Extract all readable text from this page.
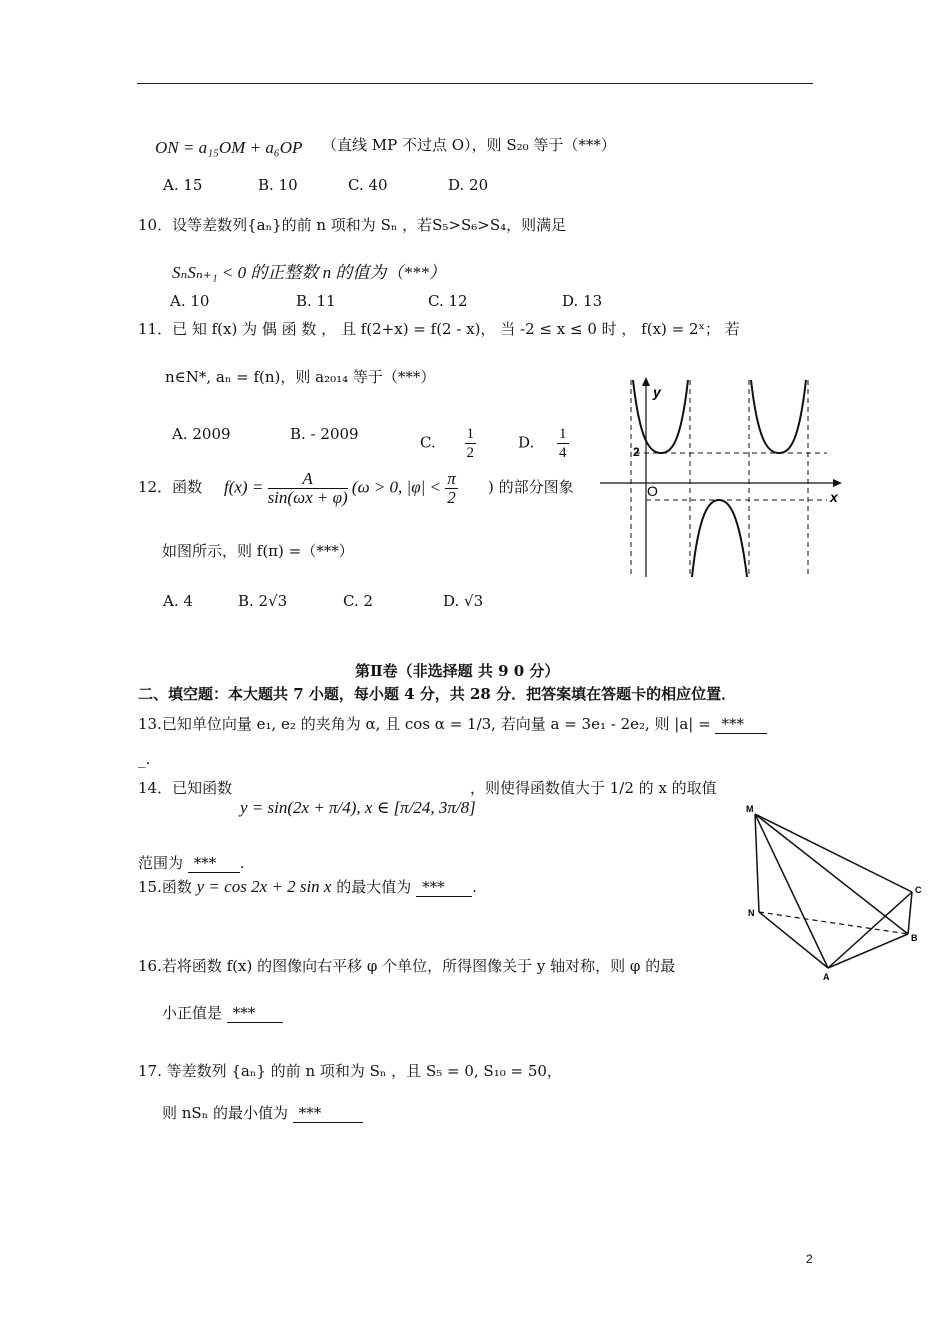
ON = a₁₅OM + a₆OP （直线 MP 不过点 O），则 S₂₀ 等于（***）
A. 15	B. 10	C. 40	D. 20
10．设等差数列{aₙ}的前 n 项和为 Sₙ ，若S₅>S₆>S₄，则满足
SₙSₙ₊₁ < 0 的正整数 n 的值为（***）
A. 10	B. 11	C. 12	D. 13
11．已 知 f(x) 为 偶 函 数 ， 且 f(2+x) = f(2 - x)， 当 -2 ≤ x ≤ 0 时 ， f(x) = 2ˣ； 若
n∈N*, aₙ = f(n)，则 a₂₀₁₄ 等于（***）
A. 2009	B. - 2009	C. $\frac{1}{2}$	D. $\frac{1}{4}$
12．函数 $f(x) = \frac{A}{\sin(\omega x + \varphi)} (\omega > 0$, $|\varphi| < \frac{\pi}{2}$ ) 的部分图象
如图所示，则 f(π) =（***）
A. 4	B. 2√3	C. 2	D. √3
y
x
O
2
第Ⅱ卷（非选择题 共 9 0 分）
二、填空题：本大题共 7 小题，每小题 4 分，共 28 分．把答案填在答题卡的相应位置．
13.已知单位向量 e₁, e₂ 的夹角为 α, 且 cos α = 1/3, 若向量 a = 3e₁ - 2e₂, 则 |a| = ***
_.
14．已知函数
y = sin(2x + π/4), x ∈ [π/24, 3π/8]
，则使得函数值大于 1/2 的 x 的取值
范围为 *** .
15.函数 y = cos 2x + 2 sin x 的最大值为 *** .
16.若将函数 f(x) 的图像向右平移 φ 个单位，所得图像关于 y 轴对称，则 φ 的最
小正值是 ***
17. 等差数列 {aₙ} 的前 n 项和为 Sₙ ，且 S₅ = 0, S₁₀ = 50，
则 nSₙ 的最小值为 ***
M
C
N
B
A
2
